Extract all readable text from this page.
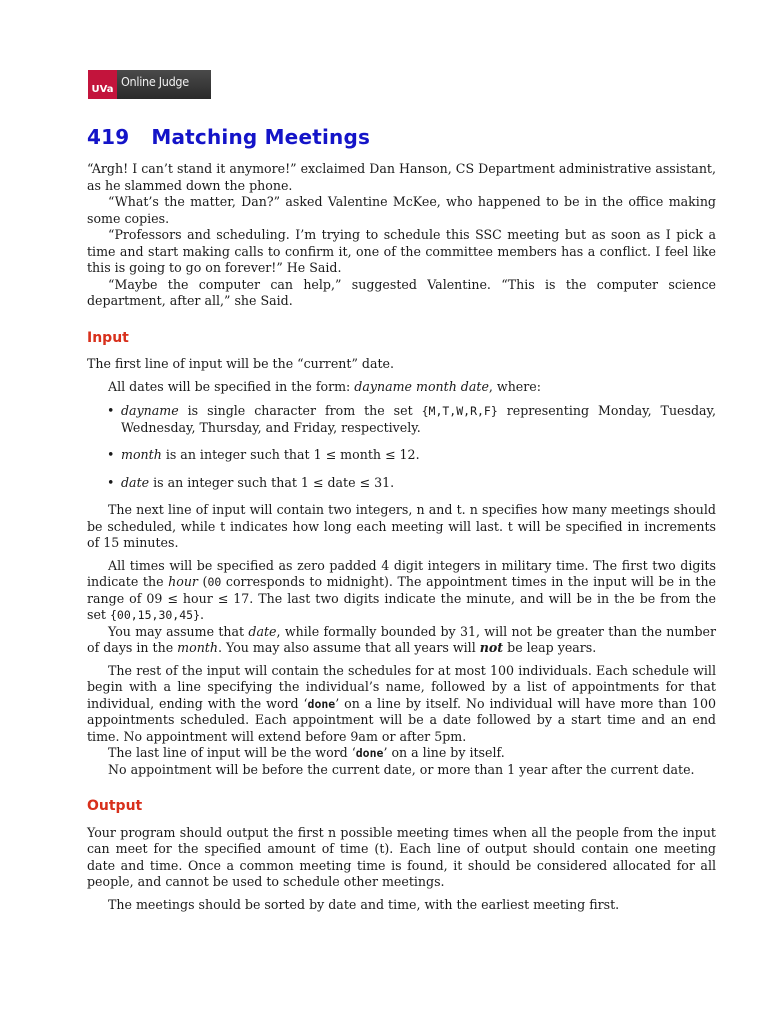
UVa
Online Judge
419 Matching Meetings

“Argh! I can’t stand it anymore!” exclaimed Dan Hanson, CS Department administrative assistant, as he slammed down the phone.

“What’s the matter, Dan?” asked Valentine McKee, who happened to be in the office making some copies.

“Professors and scheduling. I’m trying to schedule this SSC meeting but as soon as I pick a time and start making calls to confirm it, one of the committee members has a conflict. I feel like this is going to go on forever!” He Said.

“Maybe the computer can help,” suggested Valentine. “This is the computer science department, after all,” she Said.

Input

The first line of input will be the “current” date.

All dates will be specified in the form: dayname month date, where:

• dayname is single character from the set {M,T,W,R,F} representing Monday, Tuesday, Wednesday, Thursday, and Friday, respectively.
• month is an integer such that 1 ≤ month ≤ 12.
• date is an integer such that 1 ≤ date ≤ 31.

The next line of input will contain two integers, n and t. n specifies how many meetings should be scheduled, while t indicates how long each meeting will last. t will be specified in increments of 15 minutes.

All times will be specified as zero padded 4 digit integers in military time. The first two digits indicate the hour (00 corresponds to midnight). The appointment times in the input will be in the range of 09 ≤ hour ≤ 17. The last two digits indicate the minute, and will be in the be from the set {00,15,30,45}.

You may assume that date, while formally bounded by 31, will not be greater than the number of days in the month. You may also assume that all years will not be leap years.

The rest of the input will contain the schedules for at most 100 individuals. Each schedule will begin with a line specifying the individual’s name, followed by a list of appointments for that individual, ending with the word ‘done’ on a line by itself. No individual will have more than 100 appointments scheduled. Each appointment will be a date followed by a start time and an end time. No appointment will extend before 9am or after 5pm.

The last line of input will be the word ‘done’ on a line by itself.

No appointment will be before the current date, or more than 1 year after the current date.

Output

Your program should output the first n possible meeting times when all the people from the input can meet for the specified amount of time (t). Each line of output should contain one meeting date and time. Once a common meeting time is found, it should be considered allocated for all people, and cannot be used to schedule other meetings.

The meetings should be sorted by date and time, with the earliest meeting first.
